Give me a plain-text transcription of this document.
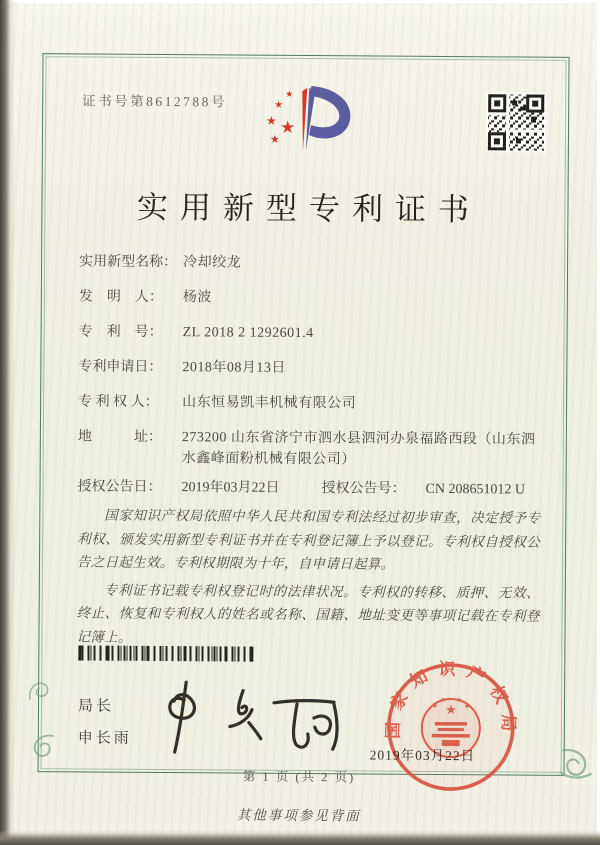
证书号第8612788号
★
★
★
★
★
实用新型专利证书
实用新型名称： 冷却绞龙
发　明　人：	杨波
专　利　号：	ZL 2018 2 1292601.4
专利申请日：	2018年08月13日
专 利 权 人：	山东恒易凯丰机械有限公司
地　　　址：	273200 山东省济宁市泗水县泗河办泉福路西段（山东泗水鑫峰面粉机械有限公司）
授权公告日：	2019年03月22日	授权公告号：	CN 208651012 U

国家知识产权局依照中华人民共和国专利法经过初步审查，决定授予专利权、颁发实用新型专利证书并在专利登记簿上予以登记。专利权自授权公告之日起生效。专利权期限为十年，自申请日起算。

专利证书记载专利权登记时的法律状况。专利权的转移、质押、无效、终止、恢复和专利权人的姓名或名称、国籍、地址变更等事项记载在专利登记簿上。

局长
申长雨	国家知识产权局
★
★
★ ★
★
2019年03月22日
第 1 页 (共 2 页)
其他事项参见背面
